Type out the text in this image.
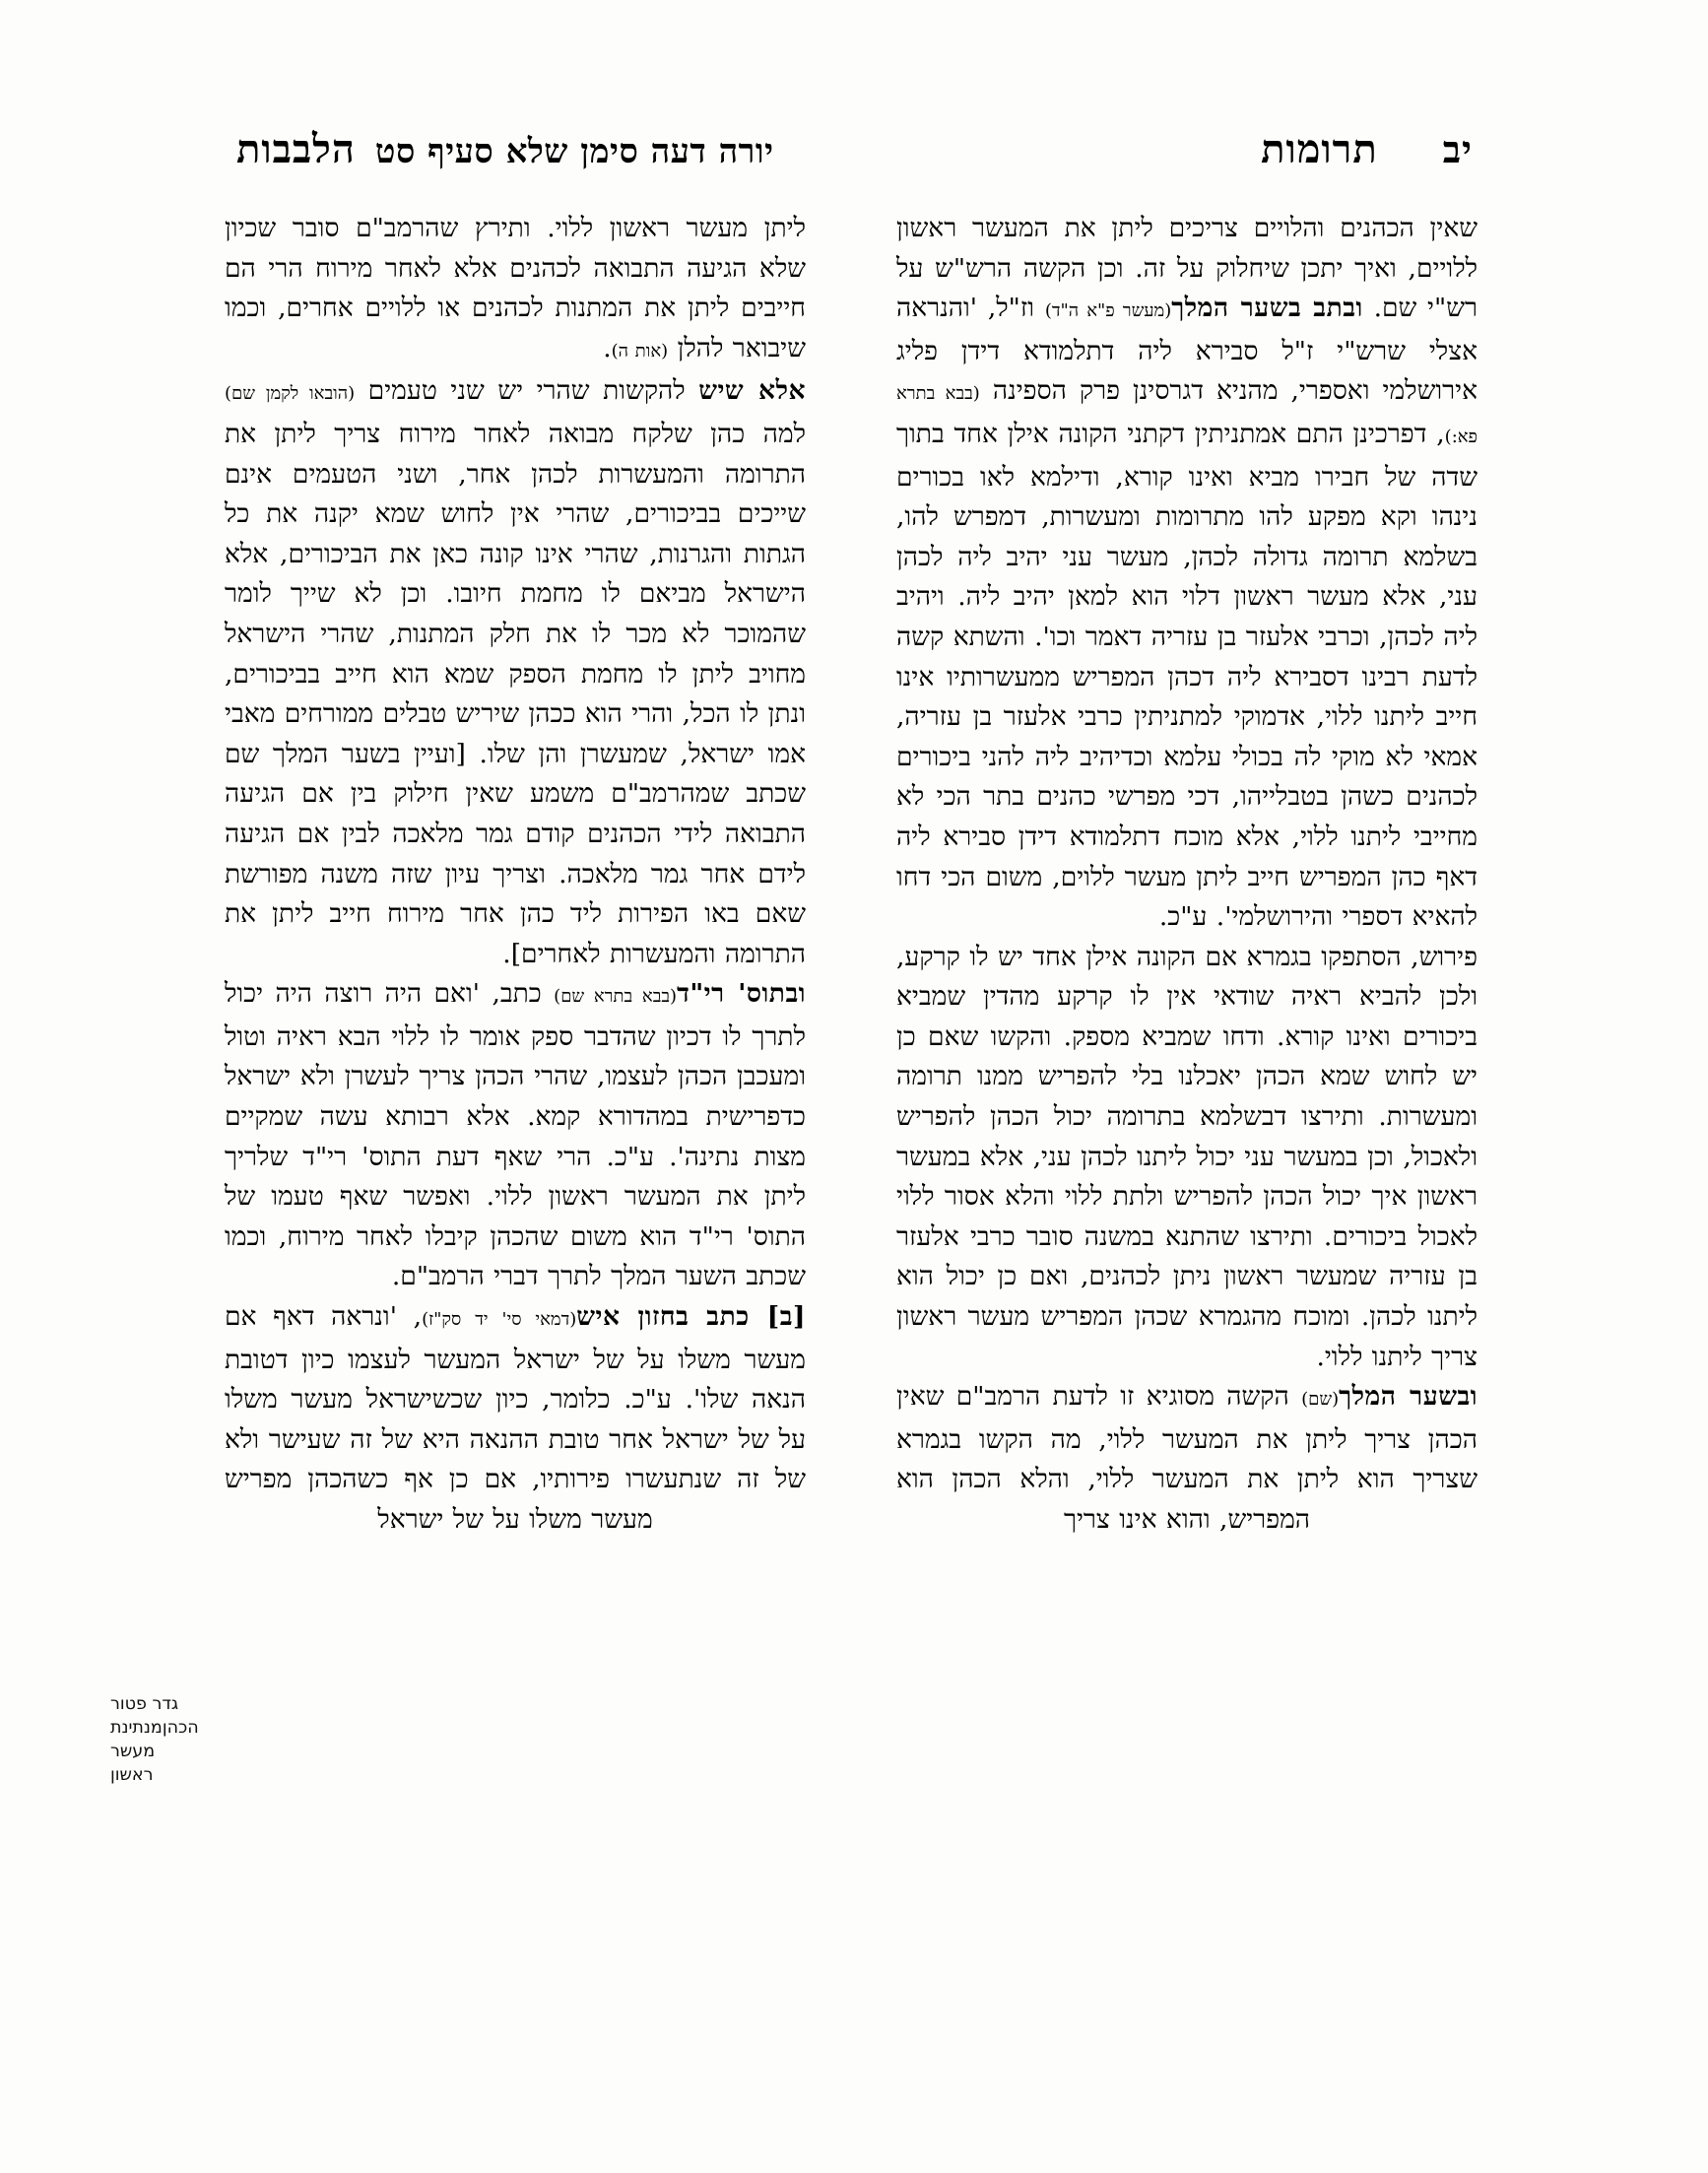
יב
תרומות
יורה דעה סימן שלא סעיף סט
הלבבות

שאין הכהנים והלויים צריכים ליתן את המעשר ראשון ללויים, ואיך יתכן שיחלוק על זה. וכן הקשה הרש"ש על רש"י שם. ובתב בשער המלך(מעשר פ"א ה"ד) וז"ל, 'והנראה אצלי שרש"י ז"ל סבירא ליה דתלמודא דידן פליג אירושלמי ואספרי, מהניא דגרסינן פרק הספינה (בבא בתרא פא:), דפרכינן התם אמתניתין דקתני הקונה אילן אחד בתוך שדה של חבירו מביא ואינו קורא, ודילמא לאו בכורים נינהו וקא מפקע להו מתרומות ומעשרות, דמפרש להו, בשלמא תרומה גדולה לכהן, מעשר עני יהיב ליה לכהן עני, אלא מעשר ראשון דלוי הוא למאן יהיב ליה. ויהיב ליה לכהן, וכרבי אלעזר בן עזריה דאמר וכו'. והשתא קשה לדעת רבינו דסבירא ליה דכהן המפריש ממעשרותיו אינו חייב ליתנו ללוי, אדמוקי למתניתין כרבי אלעזר בן עזריה, אמאי לא מוקי לה בכולי עלמא וכדיהיב ליה להני ביכורים לכהנים כשהן בטבלייהו, דכי מפרשי כהנים בתר הכי לא מחייבי ליתנו ללוי, אלא מוכח דתלמודא דידן סבירא ליה דאף כהן המפריש חייב ליתן מעשר ללוים, משום הכי דחו להאיא דספרי והירושלמי'. ע"כ.

פירוש, הסתפקו בגמרא אם הקונה אילן אחד יש לו קרקע, ולכן להביא ראיה שודאי אין לו קרקע מהדין שמביא ביכורים ואינו קורא. ודחו שמביא מספק. והקשו שאם כן יש לחוש שמא הכהן יאכלנו בלי להפריש ממנו תרומה ומעשרות. ותירצו דבשלמא בתרומה יכול הכהן להפריש ולאכול, וכן במעשר עני יכול ליתנו לכהן עני, אלא במעשר ראשון איך יכול הכהן להפריש ולתת ללוי והלא אסור ללוי לאכול ביכורים. ותירצו שהתנא במשנה סובר כרבי אלעזר בן עזריה שמעשר ראשון ניתן לכהנים, ואם כן יכול הוא ליתנו לכהן. ומוכח מהגמרא שכהן המפריש מעשר ראשון צריך ליתנו ללוי.

ובשער המלך(שם) הקשה מסוגיא זו לדעת הרמב"ם שאין הכהן צריך ליתן את המעשר ללוי, מה הקשו בגמרא שצריך הוא ליתן את המעשר ללוי, והלא הכהן הוא המפריש, והוא אינו צריך

ליתן מעשר ראשון ללוי. ותירץ שהרמב"ם סובר שכיון שלא הגיעה התבואה לכהנים אלא לאחר מירוח הרי הם חייבים ליתן את המתנות לכהנים או ללויים אחרים, וכמו שיבואר להלן (אות ה).

אלא שיש להקשות שהרי יש שני טעמים (הובאו לקמן שם) למה כהן שלקח מבואה לאחר מירוח צריך ליתן את התרומה והמעשרות לכהן אחר, ושני הטעמים אינם שייכים בביכורים, שהרי אין לחוש שמא יקנה את כל הגתות והגרנות, שהרי אינו קונה כאן את הביכורים, אלא הישראל מביאם לו מחמת חיובו. וכן לא שייך לומר שהמוכר לא מכר לו את חלק המתנות, שהרי הישראל מחויב ליתן לו מחמת הספק שמא הוא חייב בביכורים, ונתן לו הכל, והרי הוא ככהן שיריש טבלים ממורחים מאבי אמו ישראל, שמעשרן והן שלו. [ועיין בשער המלך שם שכתב שמהרמב"ם משמע שאין חילוק בין אם הגיעה התבואה לידי הכהנים קודם גמר מלאכה לבין אם הגיעה לידם אחר גמר מלאכה. וצריך עיון שזה משנה מפורשת שאם באו הפירות ליד כהן אחר מירוח חייב ליתן את התרומה והמעשרות לאחרים].

ובתוס' רי"ד(בבא בתרא שם) כתב, 'ואם היה רוצה היה יכול לתרך לו דכיון שהדבר ספק אומר לו ללוי הבא ראיה וטול ומעכבן הכהן לעצמו, שהרי הכהן צריך לעשרן ולא ישראל כדפרישית במהדורא קמא. אלא רבותא עשה שמקיים מצות נתינה'. ע"כ. הרי שאף דעת התוס' רי"ד שלריך ליתן את המעשר ראשון ללוי. ואפשר שאף טעמו של התוס' רי"ד הוא משום שהכהן קיבלו לאחר מירוח, וכמו שכתב השער המלך לתרך דברי הרמב"ם.

[ב] כתב בחזון איש(דמאי סי' יד סק"ז), 'ונראה דאף אם מעשר משלו על של ישראל המעשר לעצמו כיון דטובת הנאה שלו'. ע"כ. כלומר, כיון שכשישראל מעשר משלו על של ישראל אחר טובת ההנאה היא של זה שעישר ולא של זה שנתעשרו פירותיו, אם כן אף כשהכהן מפריש מעשר משלו על של ישראל

גדר פטור
הכהןמנתינת
מעשר
ראשון
